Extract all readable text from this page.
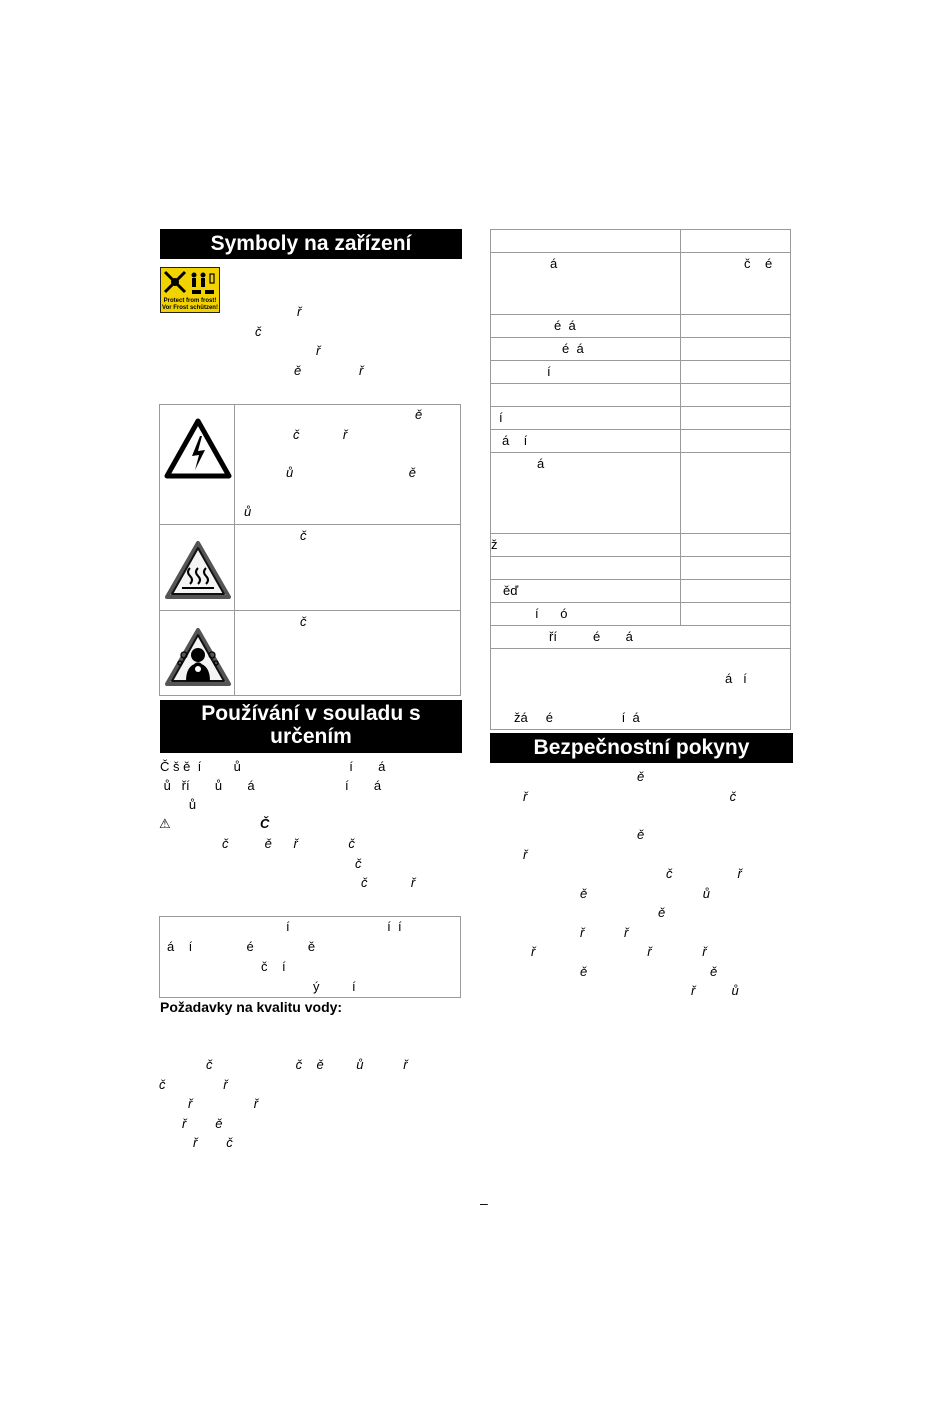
Symboly na zařízení
Protect from frost!
Vor Frost schützen!	ř
č
ř
ě                ř
ě
č            ř
ů                                ě
ů
č
č
Používání v souladu s
určením
Č š ě  í         ů                              í       á
ů   ří       ů       á                         í       á
ů
⚠	Č
č          ě      ř              č
č
č            ř
í                           í  í
á    í               é               ě
č    í
ý         í
Požadavky na kvalitu vody:
č                       č    ě         ů           ř
č                ř
ř                 ř
ř        ě
ř        č
á	č    é
é  á
é  á
í
í
á    í
á
ž
ěď
í      ó
ří          é       á
á   í
žá     é                   í  á
Bezpečnostní pokyny
ě
ř                                                        č
ě
ř
č                  ř
ě                                ů
ě
ř           ř
ř                               ř              ř
ě                                  ě
ř          ů
–
